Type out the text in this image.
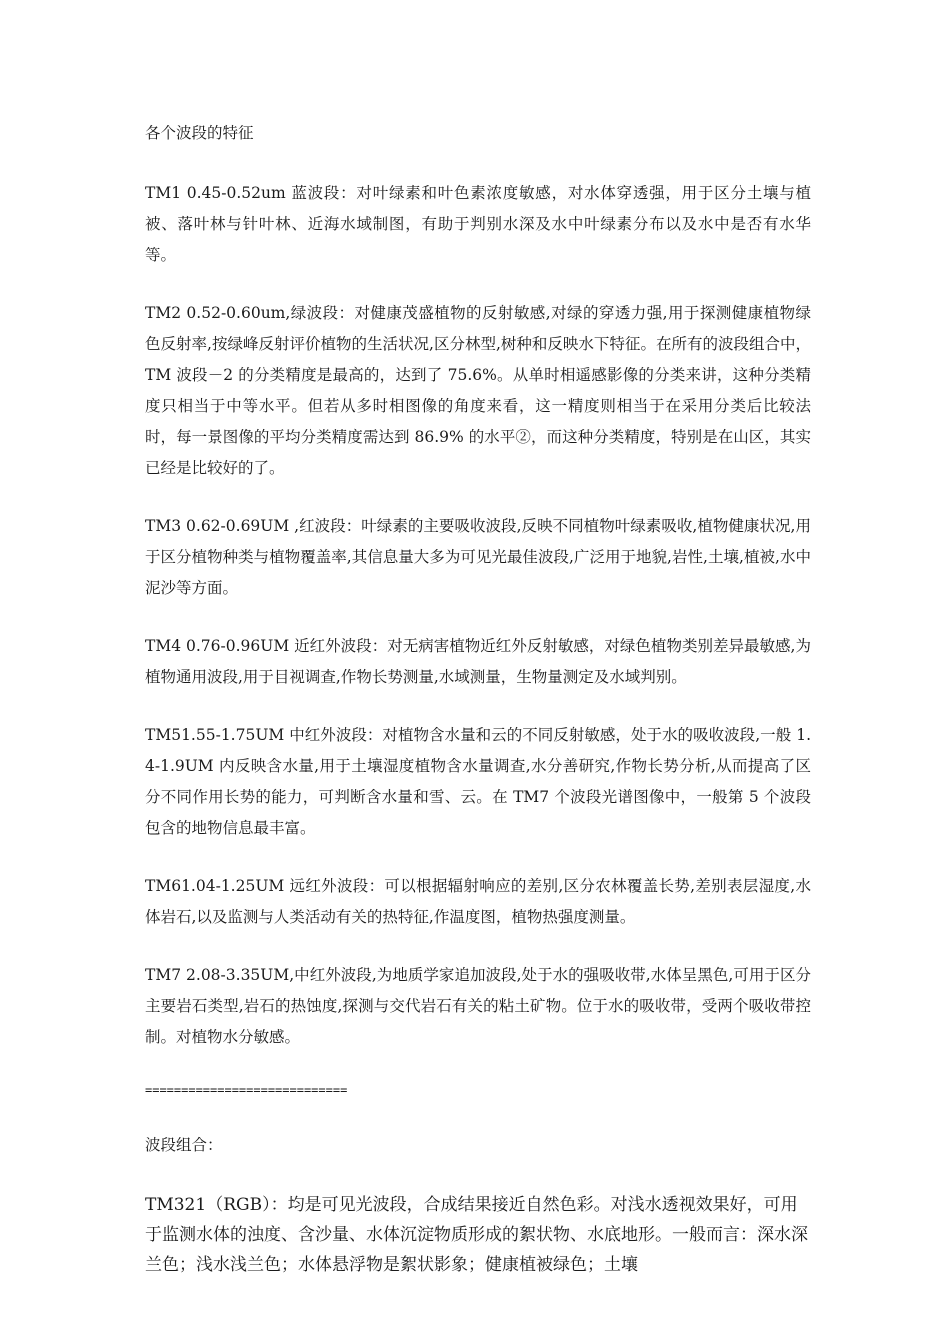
各个波段的特征

TM1 0.45-0.52um 蓝波段：对叶绿素和叶色素浓度敏感，对水体穿透强，用于区分土壤与植被、落叶林与针叶林、近海水域制图，有助于判别水深及水中叶绿素分布以及水中是否有水华等。

TM2 0.52-0.60um,绿波段：对健康茂盛植物的反射敏感,对绿的穿透力强,用于探测健康植物绿色反射率,按绿峰反射评价植物的生活状况,区分林型,树种和反映水下特征。在所有的波段组合中，TM 波段－2 的分类精度是最高的，达到了 75.6%。从单时相遥感影像的分类来讲，这种分类精度只相当于中等水平。但若从多时相图像的角度来看，这一精度则相当于在采用分类后比较法时，每一景图像的平均分类精度需达到 86.9% 的水平②，而这种分类精度，特别是在山区，其实已经是比较好的了。

TM3 0.62-0.69UM ,红波段：叶绿素的主要吸收波段,反映不同植物叶绿素吸收,植物健康状况,用于区分植物种类与植物覆盖率,其信息量大多为可见光最佳波段,广泛用于地貌,岩性,土壤,植被,水中泥沙等方面。

TM4 0.76-0.96UM 近红外波段：对无病害植物近红外反射敏感，对绿色植物类别差异最敏感,为植物通用波段,用于目视调查,作物长势测量,水域测量，生物量测定及水域判别。

TM51.55-1.75UM 中红外波段：对植物含水量和云的不同反射敏感，处于水的吸收波段,一般 1.4-1.9UM 内反映含水量,用于土壤湿度植物含水量调查,水分善研究,作物长势分析,从而提高了区分不同作用长势的能力，可判断含水量和雪、云。在 TM7 个波段光谱图像中，一般第 5 个波段包含的地物信息最丰富。

TM61.04-1.25UM 远红外波段：可以根据辐射响应的差别,区分农林覆盖长势,差别表层湿度,水体岩石,以及监测与人类活动有关的热特征,作温度图，植物热强度测量。

TM7 2.08-3.35UM,中红外波段,为地质学家追加波段,处于水的强吸收带,水体呈黑色,可用于区分主要岩石类型,岩石的热蚀度,探测与交代岩石有关的粘土矿物。位于水的吸收带，受两个吸收带控制。对植物水分敏感。

============================

波段组合：

TM321（RGB）：均是可见光波段，合成结果接近自然色彩。对浅水透视效果好，可用于监测水体的浊度、含沙量、水体沉淀物质形成的絮状物、水底地形。一般而言：深水深兰色；浅水浅兰色；水体悬浮物是絮状影象；健康植被绿色；土壤
